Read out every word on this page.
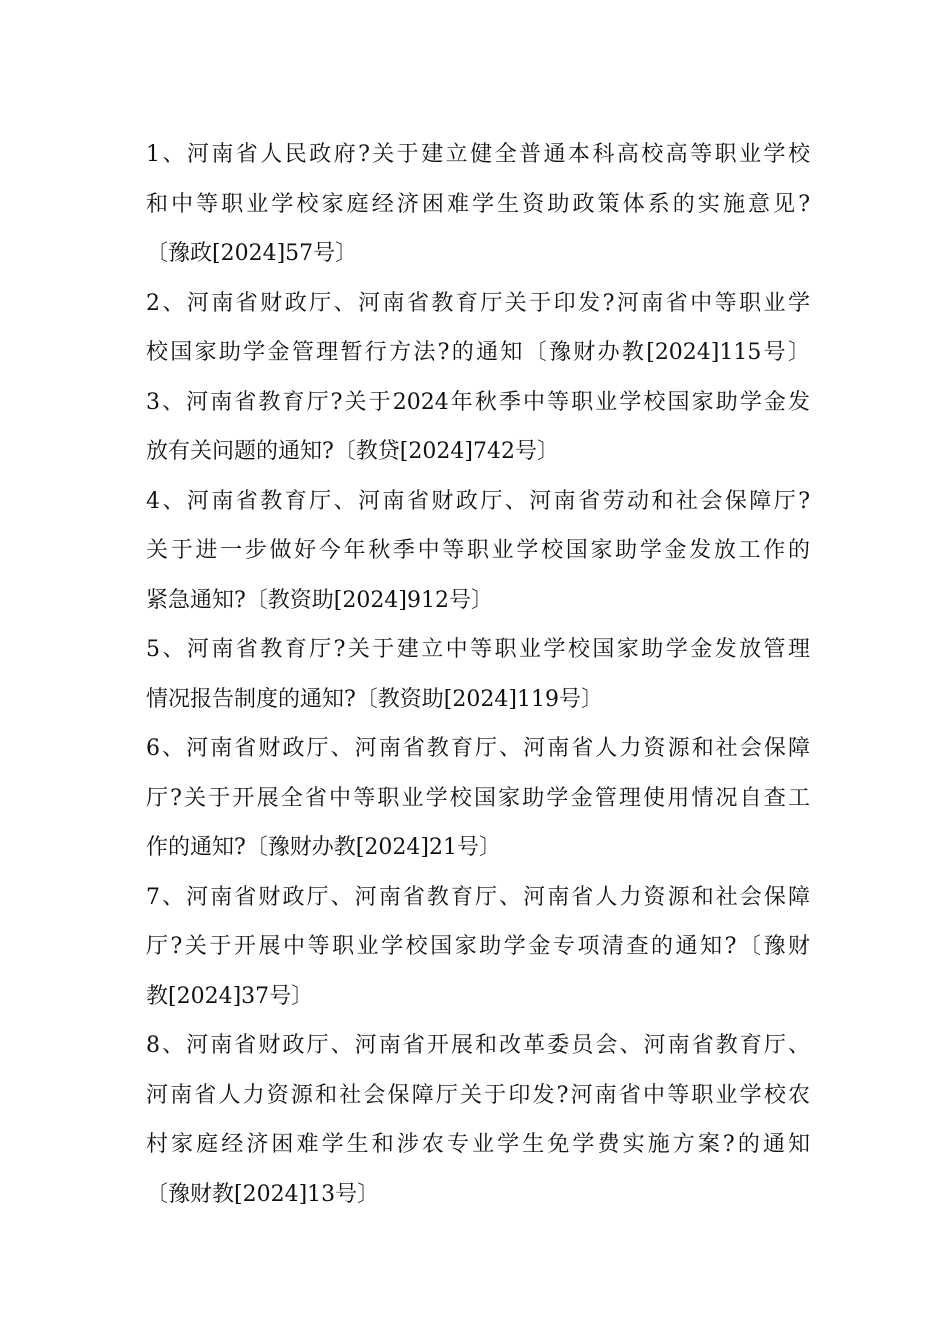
1、河南省人民政府?关于建立健全普通本科高校高等职业学校
和中等职业学校家庭经济困难学生资助政策体系的实施意见?
〔豫政[2024]57号〕
2、河南省财政厅、河南省教育厅关于印发?河南省中等职业学
校国家助学金管理暂行方法?的通知〔豫财办教[2024]115号〕
3、河南省教育厅?关于2024年秋季中等职业学校国家助学金发
放有关问题的通知?〔教贷[2024]742号〕
4、河南省教育厅、河南省财政厅、河南省劳动和社会保障厅?
关于进一步做好今年秋季中等职业学校国家助学金发放工作的
紧急通知?〔教资助[2024]912号〕
5、河南省教育厅?关于建立中等职业学校国家助学金发放管理
情况报告制度的通知?〔教资助[2024]119号〕
6、河南省财政厅、河南省教育厅、河南省人力资源和社会保障
厅?关于开展全省中等职业学校国家助学金管理使用情况自查工
作的通知?〔豫财办教[2024]21号〕
7、河南省财政厅、河南省教育厅、河南省人力资源和社会保障
厅?关于开展中等职业学校国家助学金专项清查的通知?〔豫财
教[2024]37号〕
8、河南省财政厅、河南省开展和改革委员会、河南省教育厅、
河南省人力资源和社会保障厅关于印发?河南省中等职业学校农
村家庭经济困难学生和涉农专业学生免学费实施方案?的通知
〔豫财教[2024]13号〕
